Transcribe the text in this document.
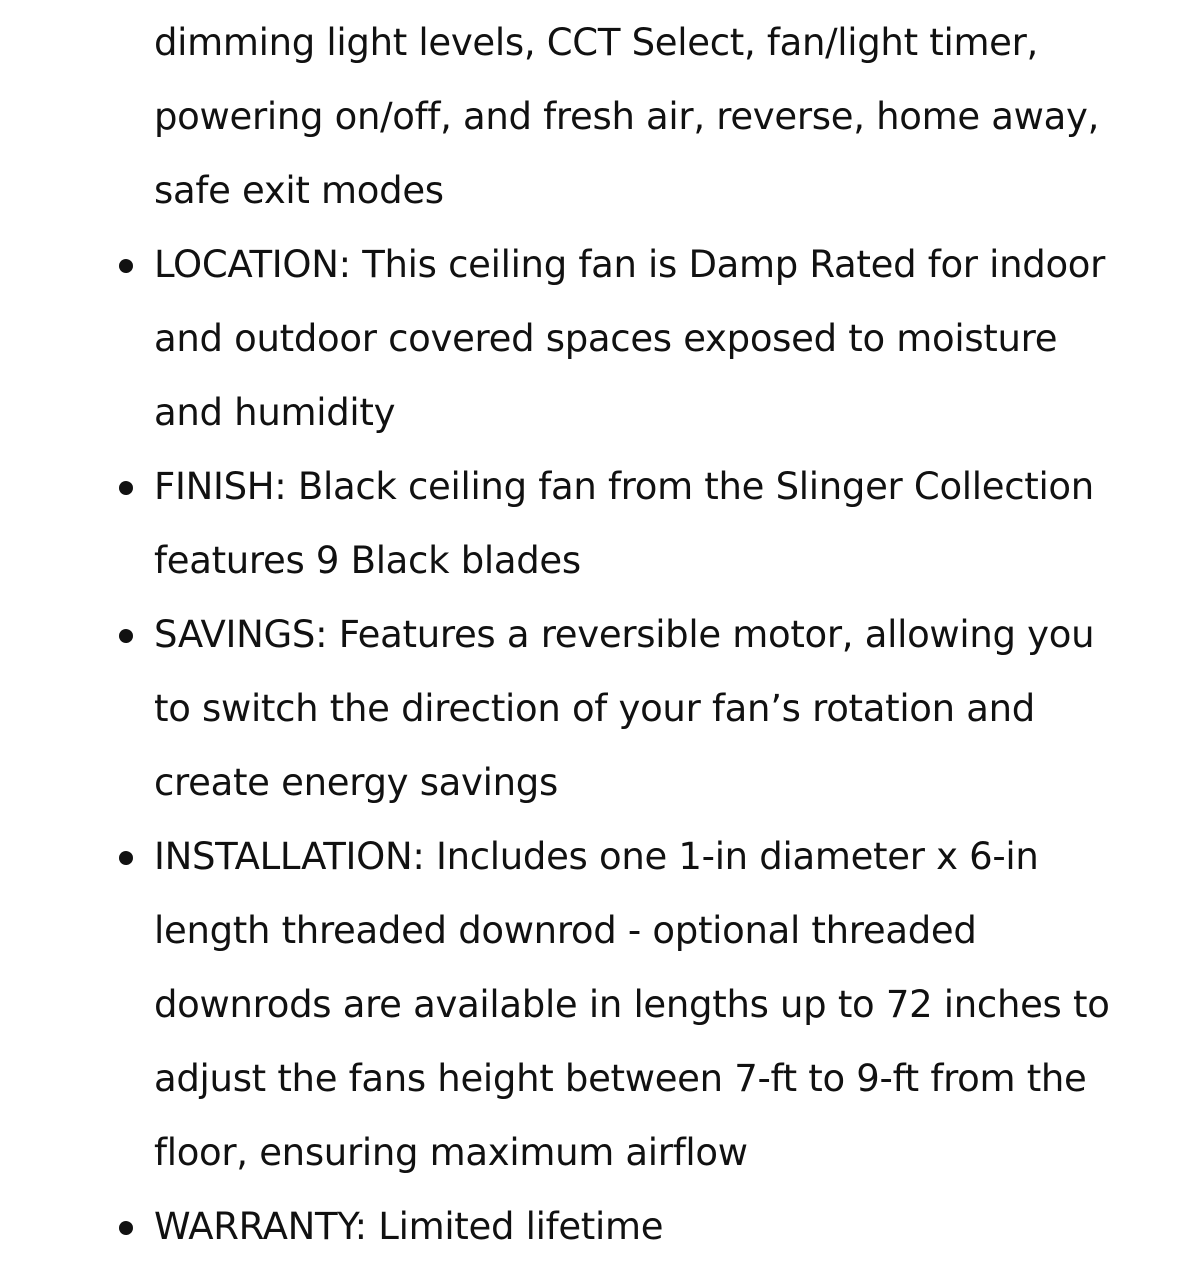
dimming light levels, CCT Select, fan/light timer, powering on/off, and fresh air, reverse, home away, safe exit modes

LOCATION: This ceiling fan is Damp Rated for indoor and outdoor covered spaces exposed to moisture and humidity
FINISH: Black ceiling fan from the Slinger Collection features 9 Black blades
SAVINGS: Features a reversible motor, allowing you to switch the direction of your fan’s rotation and create energy savings
INSTALLATION: Includes one 1-in diameter x 6-in length threaded downrod - optional threaded downrods are available in lengths up to 72 inches to adjust the fans height between 7-ft to 9-ft from the floor, ensuring maximum airflow
WARRANTY: Limited lifetime
